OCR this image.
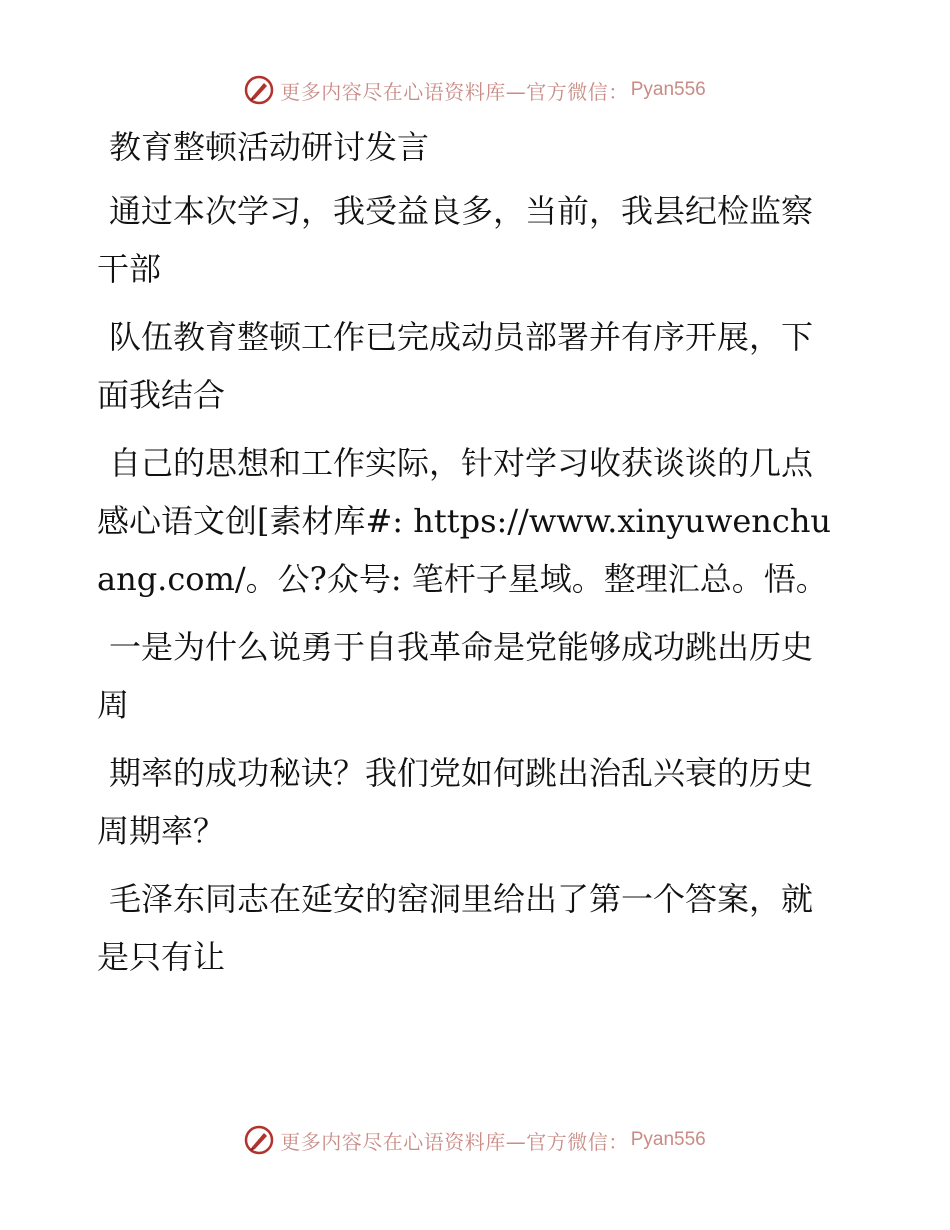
更多内容尽在心语资料库—官方微信： Pyan556

教育整顿活动研讨发言

通过本次学习，我受益良多，当前，我县纪检监察干部

队伍教育整顿工作已完成动员部署并有序开展，下面我结合

自己的思想和工作实际，针对学习收获谈谈的几点感心语文创[素材库#: https://www.xinyuwenchuang.com/。公?众号: 笔杆子星域。整理汇总。悟。

一是为什么说勇于自我革命是党能够成功跳出历史周

期率的成功秘诀？我们党如何跳出治乱兴衰的历史周期率？

毛泽东同志在延安的窑洞里给出了第一个答案，就是只有让

更多内容尽在心语资料库—官方微信： Pyan556
